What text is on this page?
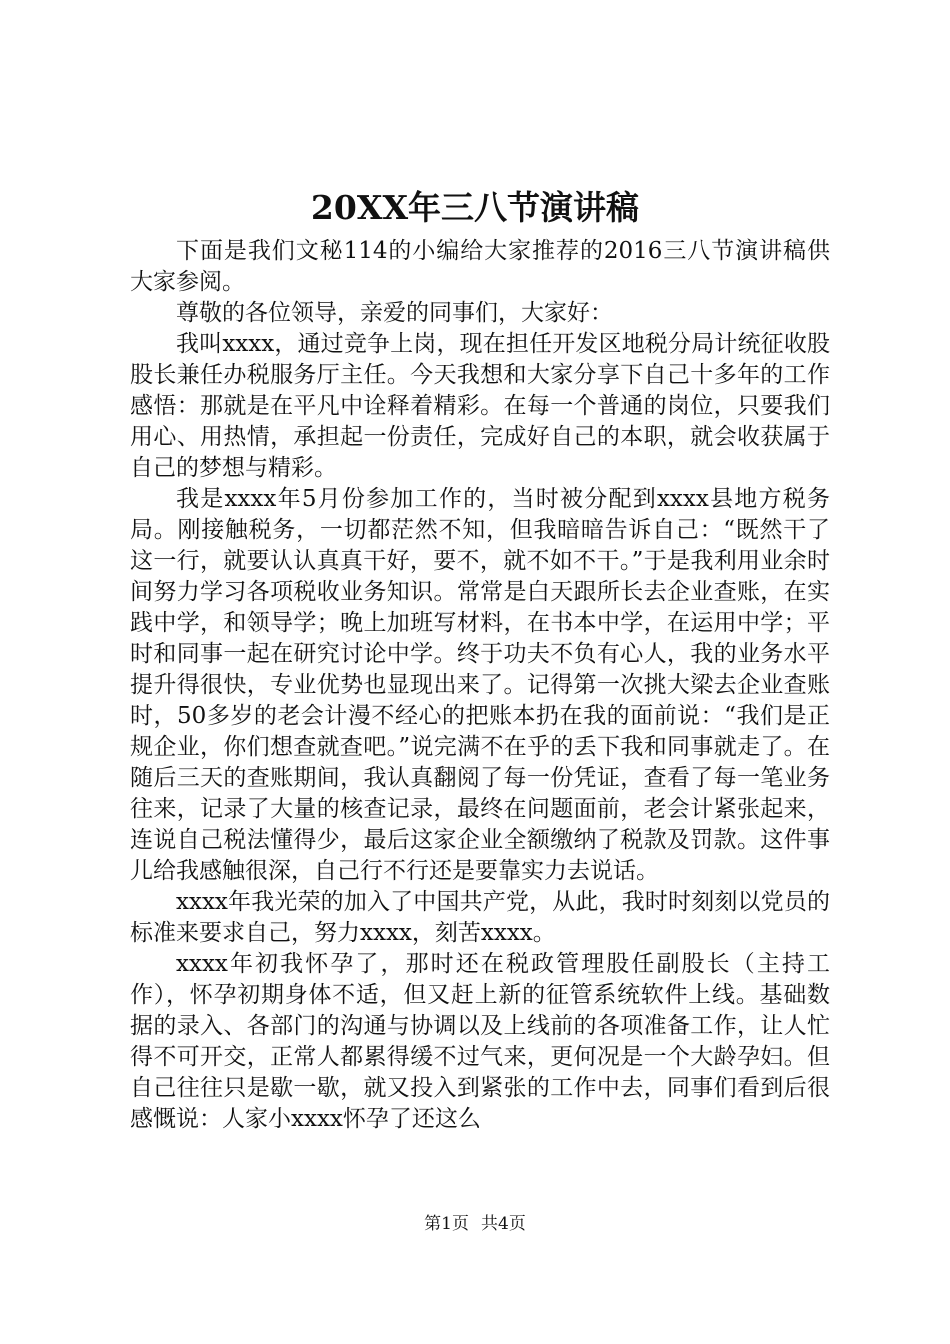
20XX年三八节演讲稿

下面是我们文秘114的小编给大家推荐的2016三八节演讲稿供大家参阅。

尊敬的各位领导，亲爱的同事们，大家好：

我叫xxxx，通过竞争上岗，现在担任开发区地税分局计统征收股股长兼任办税服务厅主任。今天我想和大家分享下自己十多年的工作感悟：那就是在平凡中诠释着精彩。在每一个普通的岗位，只要我们用心、用热情，承担起一份责任，完成好自己的本职，就会收获属于自己的梦想与精彩。

我是xxxx年5月份参加工作的，当时被分配到xxxx县地方税务局。刚接触税务，一切都茫然不知，但我暗暗告诉自己：“既然干了这一行，就要认认真真干好，要不，就不如不干。”于是我利用业余时间努力学习各项税收业务知识。常常是白天跟所长去企业查账，在实践中学，和领导学；晚上加班写材料，在书本中学，在运用中学；平时和同事一起在研究讨论中学。终于功夫不负有心人，我的业务水平提升得很快，专业优势也显现出来了。记得第一次挑大梁去企业查账时，50多岁的老会计漫不经心的把账本扔在我的面前说：“我们是正规企业，你们想查就查吧。”说完满不在乎的丢下我和同事就走了。在随后三天的查账期间，我认真翻阅了每一份凭证，查看了每一笔业务往来，记录了大量的核查记录，最终在问题面前，老会计紧张起来，连说自己税法懂得少，最后这家企业全额缴纳了税款及罚款。这件事儿给我感触很深，自己行不行还是要靠实力去说话。

xxxx年我光荣的加入了中国共产党，从此，我时时刻刻以党员的标准来要求自己，努力xxxx，刻苦xxxx。

xxxx年初我怀孕了，那时还在税政管理股任副股长（主持工作），怀孕初期身体不适，但又赶上新的征管系统软件上线。基础数据的录入、各部门的沟通与协调以及上线前的各项准备工作，让人忙得不可开交，正常人都累得缓不过气来，更何况是一个大龄孕妇。但自己往往只是歇一歇，就又投入到紧张的工作中去，同事们看到后很感慨说：人家小xxxx怀孕了还这么

第1页 共4页
